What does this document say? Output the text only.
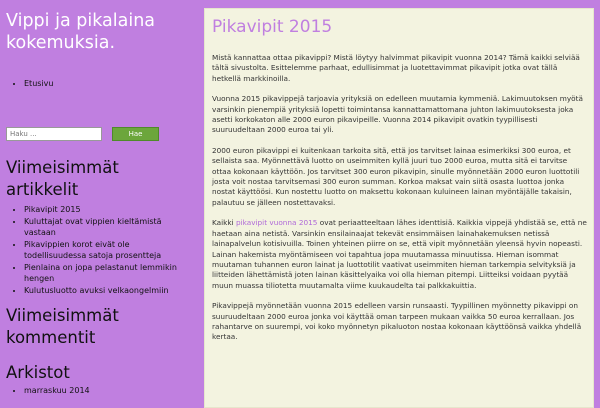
Vippi ja pikalaina kokemuksia.
• Etusivu
Haku ...
Hae
Viimeisimmät artikkelit
• Pikavipit 2015
• Kuluttajat ovat vippien kieltämistä vastaan
• Pikavippien korot eivät ole todellisuudessa satoja prosentteja
• Pienlaina on jopa pelastanut lemmikin hengen
• Kulutusluotto avuksi velkaongelmiin
Viimeisimmät kommentit
Arkistot
• marraskuu 2014
Pikavipit 2015

Mistä kannattaa ottaa pikavippi? Mistä löytyy halvimmat pikavipit vuonna 2014? Tämä kaikki selviää tältä sivustolta. Esittelemme parhaat, edullisimmat ja luotettavimmat pikavipit jotka ovat tällä hetkellä markkinoilla.

Vuonna 2015 pikavippejä tarjoavia yrityksiä on edelleen muutamia kymmeniä. Lakimuutoksen myötä varsinkin pienempiä yrityksiä lopetti toimintansa kannattamattomana juhton lakimuutoksesta joka asetti korkokaton alle 2000 euron pikavipeille. Vuonna 2014 pikavipit ovatkin tyypillisesti suuruudeltaan 2000 euroa tai yli.

2000 euron pikavippi ei kuitenkaan tarkoita sitä, että jos tarvitset lainaa esimerkiksi 300 euroa, et sellaista saa. Myönnettävä luotto on useimmiten kyllä juuri tuo 2000 euroa, mutta sitä ei tarvitse ottaa kokonaan käyttöön. Jos tarvitset 300 euron pikavipin, sinulle myönnetään 2000 euron luottotili josta voit nostaa tarvitsemasi 300 euron summan. Korkoa maksat vain siitä osasta luottoa jonka nostat käyttöösi. Kun nostettu luotto on maksettu kokonaan kuluineen lainan myöntäjälle takaisin, palautuu se jälleen nostettavaksi.

Kaikki pikavipit vuonna 2015 ovat periaatteeltaan lähes identtisiä. Kaikkia vippejä yhdistää se, että ne haetaan aina netistä. Varsinkin ensilainaajat tekevät ensimmäisen lainahakemuksen netissä lainapalvelun kotisivuilla. Toinen yhteinen piirre on se, että vipit myönnetään yleensä hyvin nopeasti. Lainan hakemista myöntämiseen voi tapahtua jopa muutamassa minuutissa. Hieman isommat muutaman tuhannen euron lainat ja luottotilit vaativat useimmiten hieman tarkempia selvityksiä ja liitteiden lähettämistä joten lainan käsittelyaika voi olla hieman pitempi. Liitteiksi voidaan pyytää muun muassa tiliotetta muutamalta viime kuukaudelta tai palkkakuittia.

Pikavippejä myönnetään vuonna 2015 edelleen varsin runsaasti. Tyypillinen myönnetty pikavippi on suuruudeltaan 2000 euroa jonka voi käyttää oman tarpeen mukaan vaikka 50 euroa kerrallaan. Jos rahantarve on suurempi, voi koko myönnetyn pikaluoton nostaa kokonaan käyttöönsä vaikka yhdellä kertaa.
